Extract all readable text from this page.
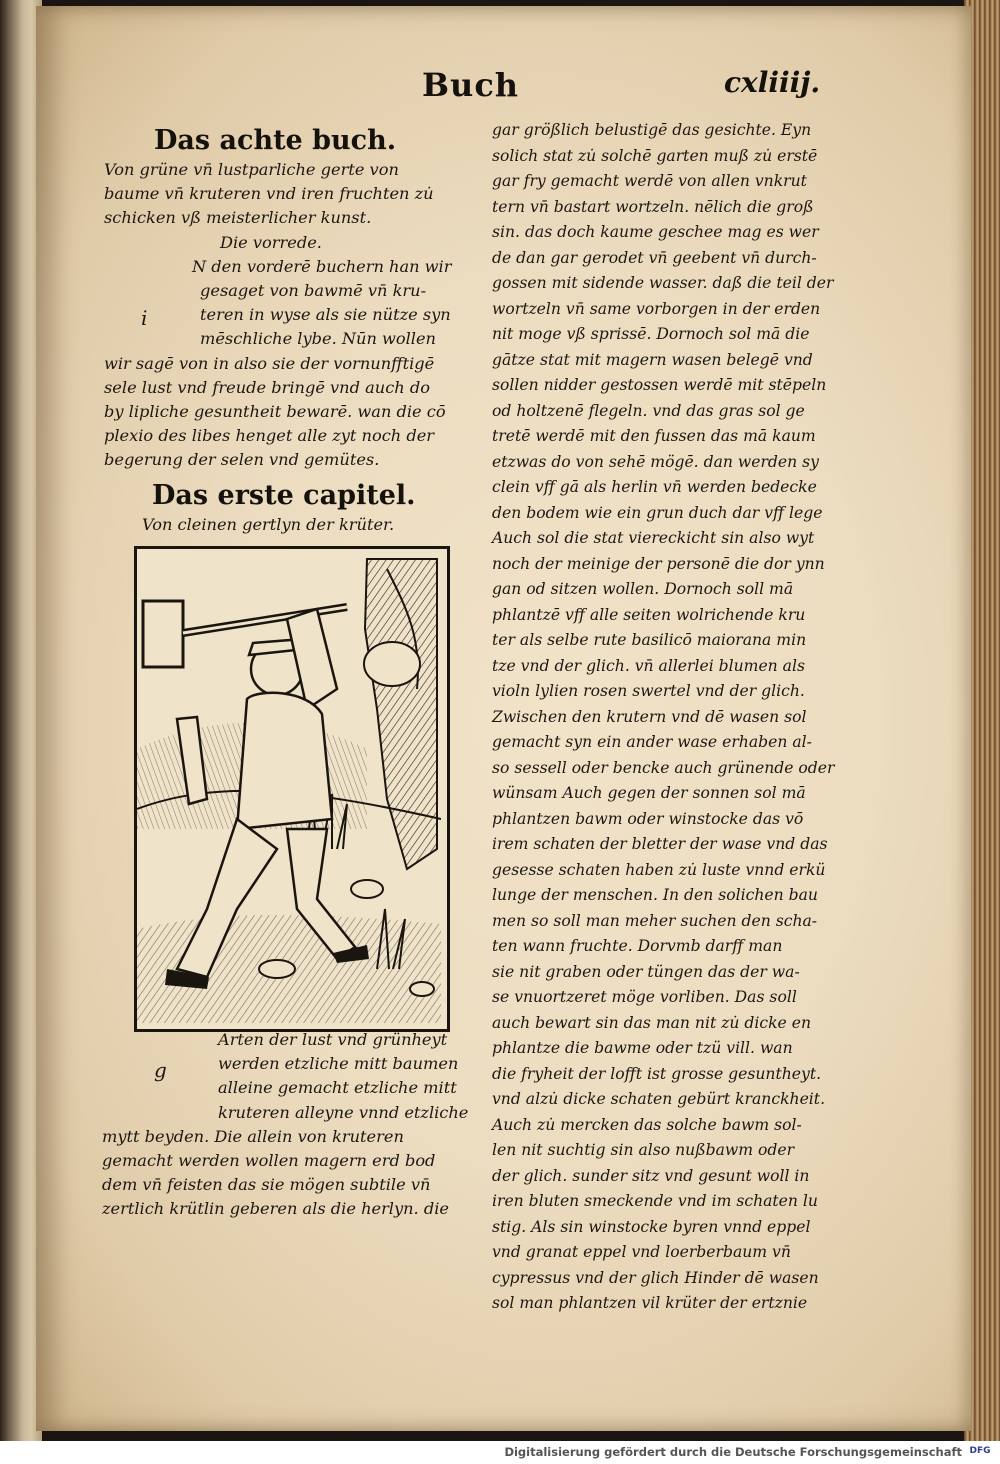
Buch	cxliiij.
Das achte buch.
Von grüne vn̄ lustparliche gerte von
baume vn̄ kruteren vnd iren fruchten zu̇
schicken vß meisterlicher kunst.
Die vorrede.
N den vorderē buchern han wir
gesaget von bawmē vn̄ kru-
teren in wyse als sie nütze syn
mēschliche lybe. Nūn wollen
wir sagē von in also sie der vornunfftigē
sele lust vnd freude bringē vnd auch do
by lipliche gesuntheit bewarē. wan die cō
plexio des libes henget alle zyt noch der
begerung der selen vnd gemütes.
Das erste capitel.
Von cleinen gertlyn der krüter.
i
g
Arten der lust vnd grünheyt
werden etzliche mitt baumen
alleine gemacht etzliche mitt
kruteren alleyne vnnd etzliche
mytt beyden. Die allein von kruteren
gemacht werden wollen magern erd bod
dem vn̄ feisten das sie mögen subtile vn̄
zertlich krütlin geberen als die herlyn. die
gar größlich belustigē das gesichte. Eyn
solich stat zu̇ solchē garten muß zu̇ erstē
gar fry gemacht werdē von allen vnkrut
tern vn̄ bastart wortzeln. nēlich die groß
sin. das doch kaume geschee mag es wer
de dan gar gerodet vn̄ geebent vn̄ durch-
gossen mit sidende wasser. daß die teil der
wortzeln vn̄ same vorborgen in der erden
nit moge vß sprissē. Dornoch sol mā die
gātze stat mit magern wasen belegē vnd
sollen nidder gestossen werdē mit stēpeln
od holtzenē flegeln. vnd das gras sol ge
tretē werdē mit den fussen das mā kaum
etzwas do von sehē mögē. dan werden sy
clein vff gā als herlin vn̄ werden bedecke
den bodem wie ein grun duch dar vff lege
Auch sol die stat viereckicht sin also wyt
noch der meinige der personē die dor ynn
gan od sitzen wollen. Dornoch soll mā
phlantzē vff alle seiten wolrichende kru
ter als selbe rute basilicō maiorana min
tze vnd der glich. vn̄ allerlei blumen als
violn lylien rosen swertel vnd der glich.
Zwischen den krutern vnd dē wasen sol
gemacht syn ein ander wase erhaben al-
so sessell oder bencke auch grünende oder
wünsam Auch gegen der sonnen sol mā
phlantzen bawm oder winstocke das vō
irem schaten der bletter der wase vnd das
gesesse schaten haben zu̇ luste vnnd erkü
lunge der menschen. In den solichen bau
men so soll man meher suchen den scha-
ten wann fruchte. Dorvmb darff man
sie nit graben oder tüngen das der wa-
se vnuortzeret möge vorliben. Das soll
auch bewart sin das man nit zu̇ dicke en
phlantze die bawme oder tzü vill. wan
die fryheit der lofft ist grosse gesuntheyt.
vnd alzu̇ dicke schaten gebürt kranckheit.
Auch zu̇ mercken das solche bawm sol-
len nit suchtig sin also nußbawm oder
der glich. sunder sitz vnd gesunt woll in
iren bluten smeckende vnd im schaten lu
stig. Als sin winstocke byren vnnd eppel
vnd granat eppel vnd loerberbaum vn̄
cypressus vnd der glich Hinder dē wasen
sol man phlantzen vil krüter der ertznie
Digitalisierung gefördert durch die Deutsche Forschungsgemeinschaft DFG
